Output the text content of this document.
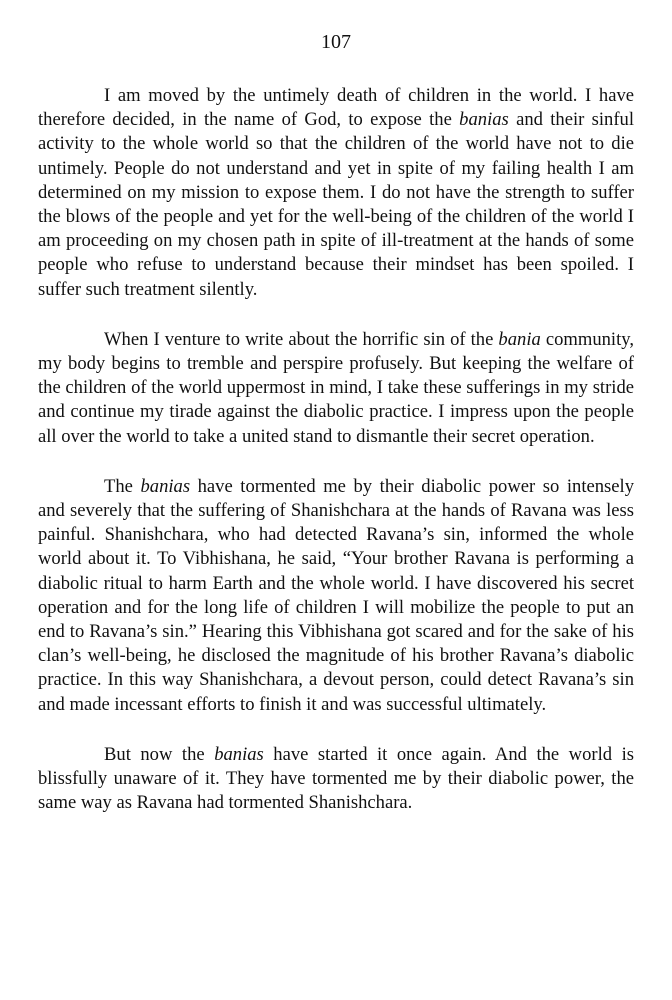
107

I am moved by the untimely death of children in the world. I have therefore decided, in the name of God, to expose the banias and their sinful activity to the whole world so that the children of the world have not to die untimely. People do not understand and yet in spite of my failing health I am determined on my mission to expose them. I do not have the strength to suffer the blows of the people and yet for the well-being of the children of the world I am proceeding on my chosen path in spite of ill-treatment at the hands of some people who refuse to understand because their mindset has been spoiled. I suffer such treatment silently.

When I venture to write about the horrific sin of the bania community, my body begins to tremble and perspire profusely. But keeping the welfare of the children of the world uppermost in mind, I take these sufferings in my stride and continue my tirade against the diabolic practice. I impress upon the people all over the world to take a united stand to dismantle their secret operation.

The banias have tormented me by their diabolic power so intensely and severely that the suffering of Shanishchara at the hands of Ravana was less painful. Shanishchara, who had detected Ravana’s sin, informed the whole world about it. To Vibhishana, he said, “Your brother Ravana is performing a diabolic ritual to harm Earth and the whole world. I have discovered his secret operation and for the long life of children I will mobilize the people to put an end to Ravana’s sin.” Hearing this Vibhishana got scared and for the sake of his clan’s well-being, he disclosed the magnitude of his brother Ravana’s diabolic practice. In this way Shanishchara, a devout person, could detect Ravana’s sin and made incessant efforts to finish it and was successful ultimately.

But now the banias have started it once again. And the world is blissfully unaware of it. They have tormented me by their diabolic power, the same way as Ravana had tormented Shanishchara.
